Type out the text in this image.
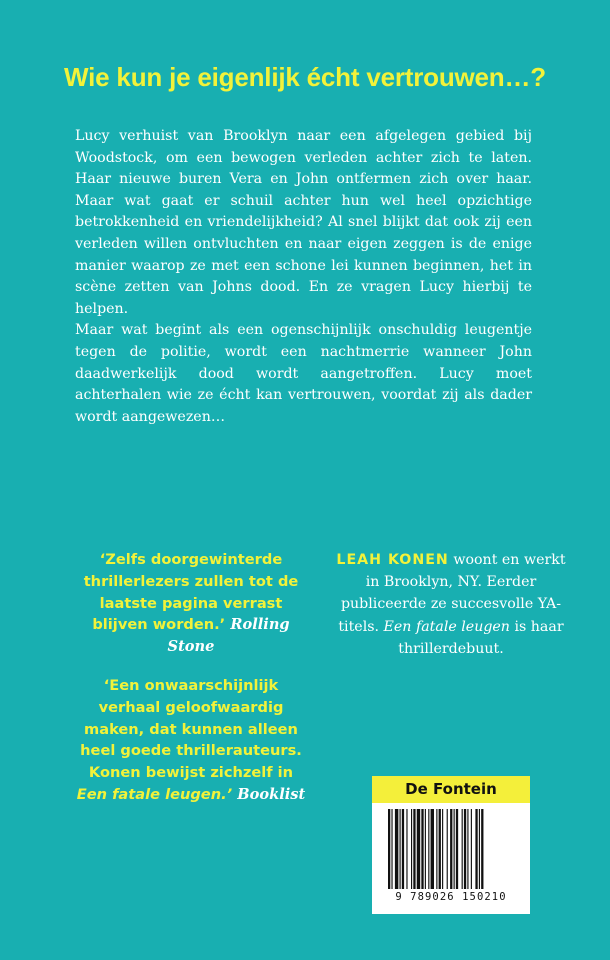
Wie kun je eigenlijk écht vertrouwen…?

Lucy verhuist van Brooklyn naar een afgelegen gebied bij Woodstock, om een bewogen verleden achter zich te laten. Haar nieuwe buren Vera en John ontfermen zich over haar. Maar wat gaat er schuil achter hun wel heel opzichtige betrokkenheid en vriendelijkheid? Al snel blijkt dat ook zij een verleden willen ontvluchten en naar eigen zeggen is de enige manier waarop ze met een schone lei kunnen beginnen, het in scène zetten van Johns dood. En ze vragen Lucy hierbij te helpen.

Maar wat begint als een ogenschijnlijk onschuldig leugentje tegen de politie, wordt een nachtmerrie wanneer John daadwerkelijk dood wordt aangetroffen. Lucy moet achterhalen wie ze écht kan vertrouwen, voordat zij als dader wordt aangewezen…

‘Zelfs doorgewinterde thrillerlezers zullen tot de laatste pagina verrast blijven worden.’ Rolling Stone

‘Een onwaarschijnlijk verhaal geloofwaardig maken, dat kunnen alleen heel goede thrillerauteurs. Konen bewijst zichzelf in Een fatale leugen.’ Booklist

LEAH KONEN woont en werkt in Brooklyn, NY. Eerder publiceerde ze succesvolle YA-titels. Een fatale leugen is haar thrillerdebuut.
De Fontein
9 789026 150210
